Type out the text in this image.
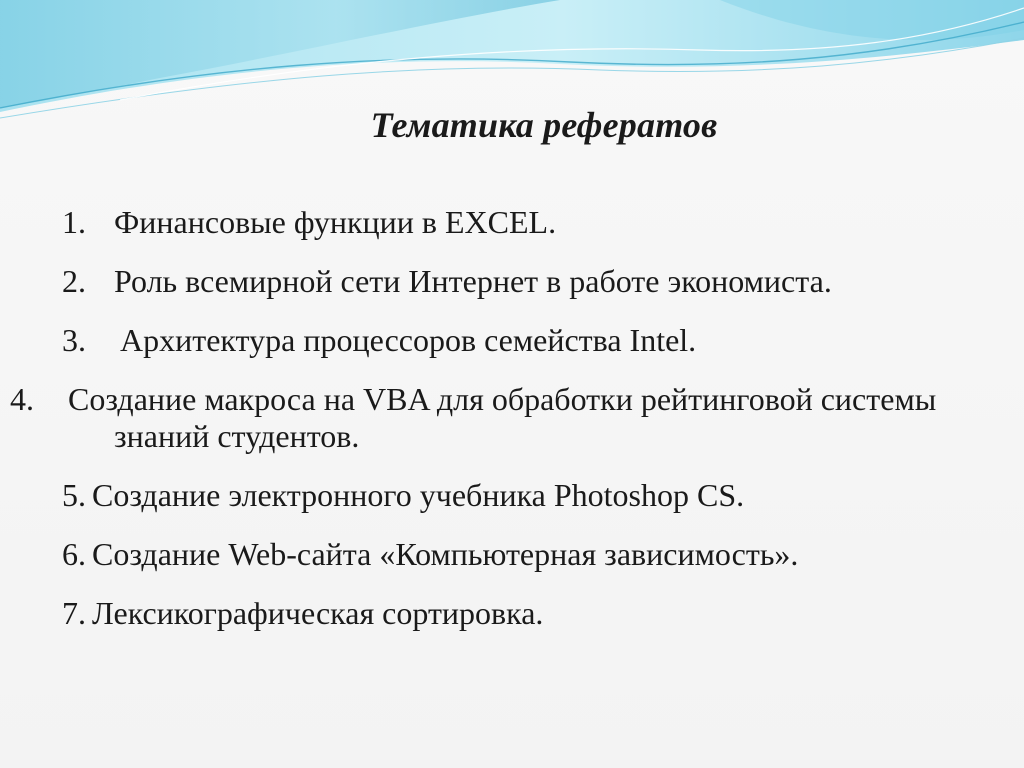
Тематика рефератов
1. Финансовые функции в EXCEL.
2. Роль всемирной сети Интернет в работе экономиста.
3. Архитектура процессоров семейства Intel.
4. Создание макроса на VBA для обработки рейтинговой системы знаний студентов.
5. Создание электронного учебника Photoshop CS.
6. Создание Web-сайта «Компьютерная зависимость».
7. Лексикографическая сортировка.
